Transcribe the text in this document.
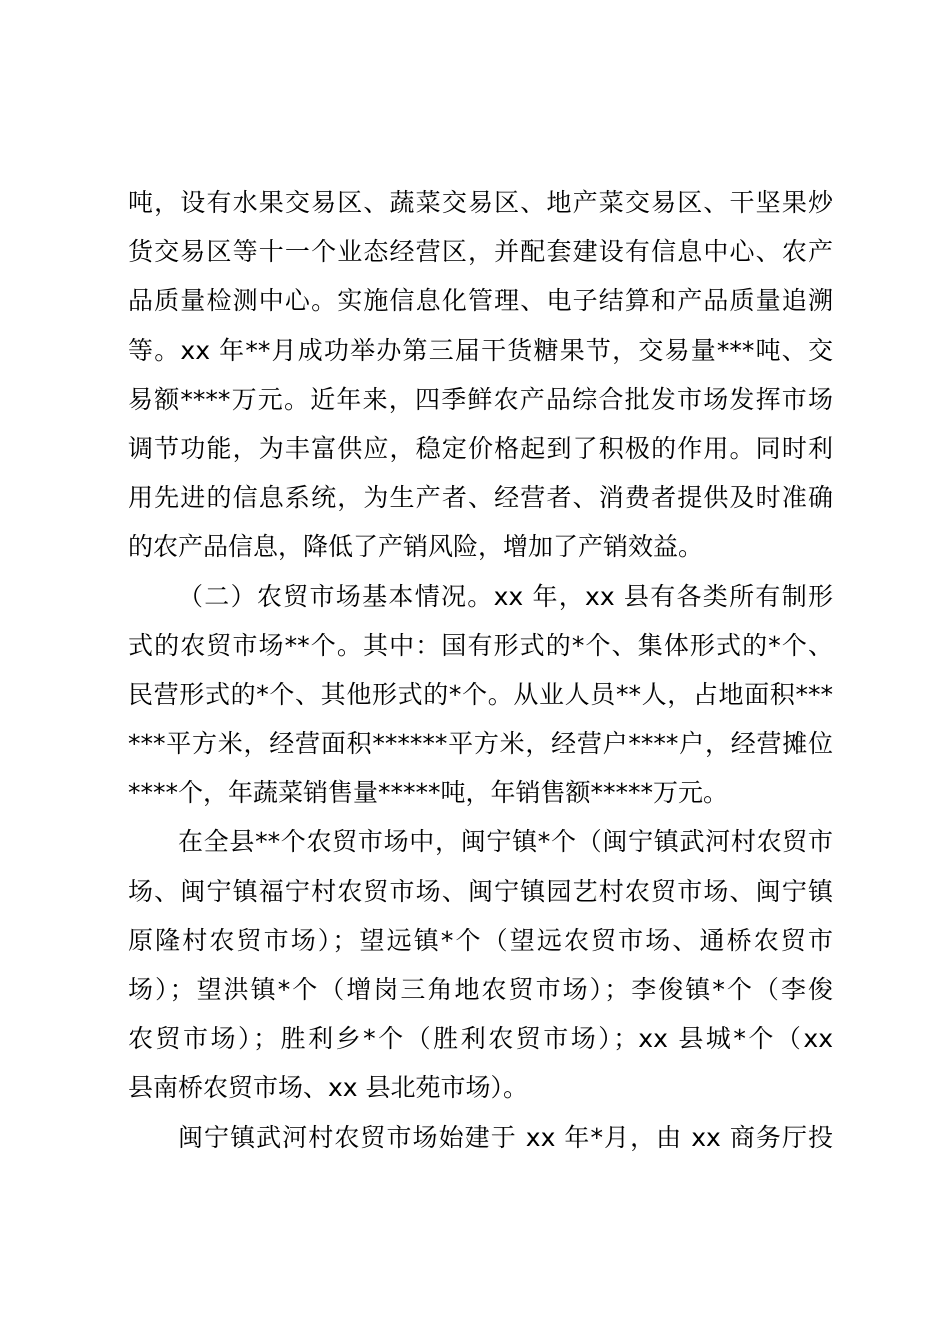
吨，设有水果交易区、蔬菜交易区、地产菜交易区、干坚果炒
货交易区等十一个业态经营区，并配套建设有信息中心、农产
品质量检测中心。实施信息化管理、电子结算和产品质量追溯
等。xx 年**月成功举办第三届干货糖果节，交易量***吨、交
易额****万元。近年来，四季鲜农产品综合批发市场发挥市场
调节功能，为丰富供应，稳定价格起到了积极的作用。同时利
用先进的信息系统，为生产者、经营者、消费者提供及时准确
的农产品信息，降低了产销风险，增加了产销效益。
（二）农贸市场基本情况。xx 年，xx 县有各类所有制形
式的农贸市场**个。其中：国有形式的*个、集体形式的*个、
民营形式的*个、其他形式的*个。从业人员**人，占地面积***
***平方米，经营面积******平方米，经营户****户，经营摊位
****个，年蔬菜销售量*****吨，年销售额*****万元。
在全县**个农贸市场中，闽宁镇*个（闽宁镇武河村农贸市
场、闽宁镇福宁村农贸市场、闽宁镇园艺村农贸市场、闽宁镇
原隆村农贸市场）；望远镇*个（望远农贸市场、通桥农贸市
场）；望洪镇*个（增岗三角地农贸市场）；李俊镇*个（李俊
农贸市场）；胜利乡*个（胜利农贸市场）；xx 县城*个（xx
县南桥农贸市场、xx 县北苑市场）。
闽宁镇武河村农贸市场始建于 xx 年*月，由 xx 商务厅投
